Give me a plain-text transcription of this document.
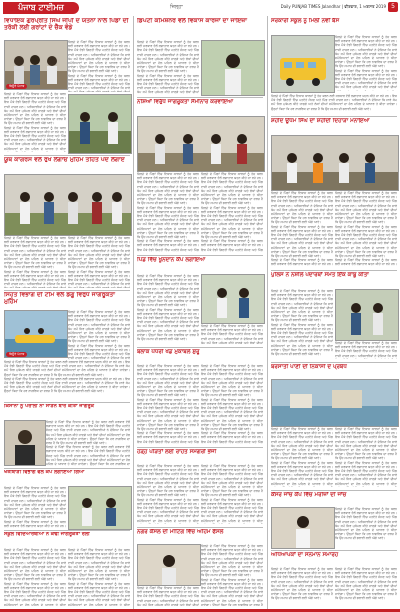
ਪੰਜਾਬ ਟਾਈਮਜ਼	ਜ਼ਿਲ੍ਹਾ	Daily PUNJAB TIMES Jalandhar | ਵੀਰਵਾਰ, 1 ਅਗਸਤ 2019 5
ਵਿਧਾਇਕ ਗੁਰਪ੍ਰੀਤ ਸਿੰਘ ਜੀਪੀ ਦੇ ਯਤਨਾਂ ਨਾਲ ਪਿੰਡਾਂ ਦੀ ਤਰੱਕੀ ਲਈ ਗਰਾਂਟਾਂ ਦੇ ਚੈੱਕ ਵੰਡੇ
ਬਿਊਰੋ ਪੰਜਾਬ
ਜ਼ਿਲ੍ਹੇ ਦੇ ਪਿੰਡਾਂ ਵਿੱਚ ਵਿਕਾਸ ਕਾਰਜਾਂ ਨੂੰ ਤੇਜ਼ ਕਰਨ ਲਈ ਸਰਕਾਰ ਵੱਲੋਂ ਲਗਾਤਾਰ ਯਤਨ ਕੀਤੇ ਜਾ ਰਹੇ ਹਨ। ਇਸ ਮੌਕੇ ਵੱਡੀ ਗਿਣਤੀ ਵਿੱਚ ਪਤਵੰਤੇ ਸੱਜਣ ਅਤੇ ਪਿੰਡ ਵਾਸੀ ਹਾਜ਼ਰ ਸਨ। ਅਧਿਕਾਰੀਆਂ ਨੇ ਦੱਸਿਆ ਕਿ ਸਾਰੇ ਕੰਮ ਸਮੇਂ ਸਿਰ ਮੁਕੰਮਲ ਕੀਤੇ ਜਾਣਗੇ ਅਤੇ ਲੋਕਾਂ ਦੀਆਂ ਸਮੱਸਿਆਵਾਂ ਦਾ ਹੱਲ ਪਹਿਲ ਦੇ ਆਧਾਰ ਤੇ ਕੀਤਾ ਜਾਵੇਗਾ। ਉਨ੍ਹਾਂ ਕਿਹਾ ਕਿ ਹਰ ਨਾਗਰਿਕ ਦਾ ਫਰਜ਼ ਹੈ ਕਿ ਉਹ ਸਮਾਜ ਦੀ ਭਲਾਈ ਲਈ ਅੱਗੇ ਆਵੇ।
ਜ਼ਿਲ੍ਹੇ ਦੇ ਪਿੰਡਾਂ ਵਿੱਚ ਵਿਕਾਸ ਕਾਰਜਾਂ ਨੂੰ ਤੇਜ਼ ਕਰਨ ਲਈ ਸਰਕਾਰ ਵੱਲੋਂ ਲਗਾਤਾਰ ਯਤਨ ਕੀਤੇ ਜਾ ਰਹੇ ਹਨ। ਇਸ ਮੌਕੇ ਵੱਡੀ ਗਿਣਤੀ ਵਿੱਚ ਪਤਵੰਤੇ ਸੱਜਣ ਅਤੇ ਪਿੰਡ ਵਾਸੀ ਹਾਜ਼ਰ ਸਨ। ਅਧਿਕਾਰੀਆਂ ਨੇ ਦੱਸਿਆ ਕਿ ਸਾਰੇ
ਜ਼ਿਲ੍ਹੇ ਦੇ ਪਿੰਡਾਂ ਵਿੱਚ ਵਿਕਾਸ ਕਾਰਜਾਂ ਨੂੰ ਤੇਜ਼ ਕਰਨ ਲਈ ਸਰਕਾਰ ਵੱਲੋਂ ਲਗਾਤਾਰ ਯਤਨ ਕੀਤੇ ਜਾ ਰਹੇ ਹਨ। ਇਸ ਮੌਕੇ ਵੱਡੀ ਗਿਣਤੀ ਵਿੱਚ ਪਤਵੰਤੇ ਸੱਜਣ ਅਤੇ ਪਿੰਡ ਵਾਸੀ ਹਾਜ਼ਰ ਸਨ। ਅਧਿਕਾਰੀਆਂ ਨੇ ਦੱਸਿਆ ਕਿ ਸਾਰੇ ਕੰਮ ਸਮੇਂ ਸਿਰ ਮੁਕੰਮਲ ਕੀਤੇ ਜਾਣਗੇ ਅਤੇ ਲੋਕਾਂ ਦੀਆਂ ਸਮੱਸਿਆਵਾਂ ਦਾ ਹੱਲ ਪਹਿਲ ਦੇ ਆਧਾਰ ਤੇ ਕੀਤਾ ਜਾਵੇਗਾ। ਉਨ੍ਹਾਂ ਕਿਹਾ ਕਿ ਹਰ ਨਾਗਰਿਕ ਦਾ ਫਰਜ਼ ਹੈ ਕਿ ਉਹ ਸਮਾਜ ਦੀ ਭਲਾਈ ਲਈ ਅੱਗੇ ਆਵੇ।
ਜ਼ਿਲ੍ਹੇ ਦੇ ਪਿੰਡਾਂ ਵਿੱਚ ਵਿਕਾਸ ਕਾਰਜਾਂ ਨੂੰ ਤੇਜ਼ ਕਰਨ ਲਈ ਸਰਕਾਰ ਵੱਲੋਂ ਲਗਾਤਾਰ ਯਤਨ ਕੀਤੇ ਜਾ ਰਹੇ ਹਨ। ਇਸ ਮੌਕੇ ਵੱਡੀ ਗਿਣਤੀ ਵਿੱਚ ਪਤਵੰਤੇ ਸੱਜਣ ਅਤੇ ਪਿੰਡ ਵਾਸੀ ਹਾਜ਼ਰ ਸਨ। ਅਧਿਕਾਰੀਆਂ ਨੇ ਦੱਸਿਆ ਕਿ ਸਾਰੇ ਕੰਮ ਸਮੇਂ ਸਿਰ ਮੁਕੰਮਲ ਕੀਤੇ ਜਾਣਗੇ ਅਤੇ ਲੋਕਾਂ ਦੀਆਂ ਸਮੱਸਿਆਵਾਂ ਦਾ ਹੱਲ ਪਹਿਲ ਦੇ ਆਧਾਰ ਤੇ ਕੀਤਾ
ਯੂਥ ਕਾਂਗਰਸ ਵੱਲੋਂ ਰੁੱਖ ਲਗਾਓ ਮੁਹਿੰਮ ਤਹਿਤ ਪੌਦੇ ਲਗਾਏ
ਜ਼ਿਲ੍ਹੇ ਦੇ ਪਿੰਡਾਂ ਵਿੱਚ ਵਿਕਾਸ ਕਾਰਜਾਂ ਨੂੰ ਤੇਜ਼ ਕਰਨ ਲਈ ਸਰਕਾਰ ਵੱਲੋਂ ਲਗਾਤਾਰ ਯਤਨ ਕੀਤੇ ਜਾ ਰਹੇ ਹਨ। ਇਸ ਮੌਕੇ ਵੱਡੀ ਗਿਣਤੀ ਵਿੱਚ ਪਤਵੰਤੇ ਸੱਜਣ ਅਤੇ ਪਿੰਡ ਵਾਸੀ ਹਾਜ਼ਰ ਸਨ। ਅਧਿਕਾਰੀਆਂ ਨੇ ਦੱਸਿਆ ਕਿ ਸਾਰੇ ਕੰਮ ਸਮੇਂ ਸਿਰ ਮੁਕੰਮਲ ਕੀਤੇ ਜਾਣਗੇ ਅਤੇ ਲੋਕਾਂ ਦੀਆਂ ਸਮੱਸਿਆਵਾਂ ਦਾ ਹੱਲ ਪਹਿਲ ਦੇ ਆਧਾਰ ਤੇ ਕੀਤਾ ਜਾਵੇਗਾ। ਉਨ੍ਹਾਂ ਕਿਹਾ ਕਿ ਹਰ ਨਾਗਰਿਕ ਦਾ ਫਰਜ਼ ਹੈ ਕਿ ਉਹ ਸਮਾਜ ਦੀ ਭਲਾਈ ਲਈ ਅੱਗੇ ਆਵੇ।
ਜ਼ਿਲ੍ਹੇ ਦੇ ਪਿੰਡਾਂ ਵਿੱਚ ਵਿਕਾਸ ਕਾਰਜਾਂ ਨੂੰ ਤੇਜ਼ ਕਰਨ ਲਈ ਸਰਕਾਰ ਵੱਲੋਂ ਲਗਾਤਾਰ ਯਤਨ ਕੀਤੇ ਜਾ ਰਹੇ ਹਨ। ਇਸ ਮੌਕੇ ਵੱਡੀ ਗਿਣਤੀ ਵਿੱਚ ਪਤਵੰਤੇ ਸੱਜਣ ਅਤੇ ਪਿੰਡ ਵਾਸੀ ਹਾਜ਼ਰ ਸਨ। ਅਧਿਕਾਰੀਆਂ ਨੇ ਦੱਸਿਆ ਕਿ ਸਾਰੇ
ਜ਼ਿਲ੍ਹੇ ਦੇ ਪਿੰਡਾਂ ਵਿੱਚ ਵਿਕਾਸ ਕਾਰਜਾਂ ਨੂੰ ਤੇਜ਼ ਕਰਨ ਲਈ ਸਰਕਾਰ ਵੱਲੋਂ ਲਗਾਤਾਰ ਯਤਨ ਕੀਤੇ ਜਾ ਰਹੇ ਹਨ। ਇਸ ਮੌਕੇ ਵੱਡੀ ਗਿਣਤੀ ਵਿੱਚ ਪਤਵੰਤੇ ਸੱਜਣ ਅਤੇ ਪਿੰਡ ਵਾਸੀ ਹਾਜ਼ਰ ਸਨ। ਅਧਿਕਾਰੀਆਂ ਨੇ ਦੱਸਿਆ ਕਿ ਸਾਰੇ ਕੰਮ ਸਮੇਂ ਸਿਰ ਮੁਕੰਮਲ ਕੀਤੇ ਜਾਣਗੇ ਅਤੇ ਲੋਕਾਂ ਦੀਆਂ ਸਮੱਸਿਆਵਾਂ ਦਾ ਹੱਲ ਪਹਿਲ ਦੇ ਆਧਾਰ ਤੇ ਕੀਤਾ ਜਾਵੇਗਾ। ਉਨ੍ਹਾਂ ਕਿਹਾ ਕਿ ਹਰ ਨਾਗਰਿਕ ਦਾ ਫਰਜ਼ ਹੈ ਕਿ ਉਹ ਸਮਾਜ ਦੀ ਭਲਾਈ ਲਈ ਅੱਗੇ ਆਵੇ।
ਜ਼ਿਲ੍ਹੇ ਦੇ ਪਿੰਡਾਂ ਵਿੱਚ ਵਿਕਾਸ ਕਾਰਜਾਂ ਨੂੰ ਤੇਜ਼ ਕਰਨ ਲਈ ਸਰਕਾਰ ਵੱਲੋਂ ਲਗਾਤਾਰ ਯਤਨ ਕੀਤੇ ਜਾ ਰਹੇ ਹਨ। ਇਸ ਮੌਕੇ ਵੱਡੀ ਗਿਣਤੀ ਵਿੱਚ ਪਤਵੰਤੇ ਸੱਜਣ ਅਤੇ ਪਿੰਡ ਵਾਸੀ ਹਾਜ਼ਰ ਸਨ। ਅਧਿਕਾਰੀਆਂ ਨੇ ਦੱਸਿਆ ਕਿ ਸਾਰੇ
ਸਿਹਤ ਵਿਭਾਗ ਦੀ ਟੀਮ ਵੱਲੋਂ ਡੇਂਗੂ ਵਿਰੁੱਧ ਜਾਗਰੂਕਤਾ ਮੁਹਿੰਮ
ਬਿਊਰੋ ਪੰਜਾਬ
ਜ਼ਿਲ੍ਹੇ ਦੇ ਪਿੰਡਾਂ ਵਿੱਚ ਵਿਕਾਸ ਕਾਰਜਾਂ ਨੂੰ ਤੇਜ਼ ਕਰਨ ਲਈ ਸਰਕਾਰ ਵੱਲੋਂ ਲਗਾਤਾਰ ਯਤਨ ਕੀਤੇ ਜਾ ਰਹੇ ਹਨ। ਇਸ ਮੌਕੇ ਵੱਡੀ ਗਿਣਤੀ ਵਿੱਚ ਪਤਵੰਤੇ ਸੱਜਣ ਅਤੇ ਪਿੰਡ ਵਾਸੀ ਹਾਜ਼ਰ ਸਨ। ਅਧਿਕਾਰੀਆਂ ਨੇ ਦੱਸਿਆ ਕਿ ਸਾਰੇ ਕੰਮ ਸਮੇਂ ਸਿਰ ਮੁਕੰਮਲ ਕੀਤੇ ਜਾਣਗੇ ਅਤੇ ਲੋਕਾਂ ਦੀਆਂ ਸਮੱਸਿਆਵਾਂ ਦਾ ਹੱਲ ਪਹਿਲ ਦੇ ਆਧਾਰ ਤੇ ਕੀਤਾ ਜਾਵੇਗਾ। ਉਨ੍ਹਾਂ ਕਿਹਾ ਕਿ ਹਰ ਨਾਗਰਿਕ ਦਾ ਫਰਜ਼ ਹੈ ਕਿ ਉਹ ਸਮਾਜ ਦੀ ਭਲਾਈ ਲਈ ਅੱਗੇ ਆਵੇ।
ਜ਼ਿਲ੍ਹੇ ਦੇ ਪਿੰਡਾਂ ਵਿੱਚ ਵਿਕਾਸ ਕਾਰਜਾਂ ਨੂੰ ਤੇਜ਼ ਕਰਨ ਲਈ ਸਰਕਾਰ ਵੱਲੋਂ ਲਗਾਤਾਰ ਯਤਨ ਕੀਤੇ ਜਾ ਰਹੇ ਹਨ। ਇਸ ਮੌਕੇ ਵੱਡੀ ਗਿਣਤੀ ਵਿੱਚ ਪਤਵੰਤੇ ਸੱਜਣ ਅਤੇ ਪਿੰਡ ਵਾਸੀ ਹਾਜ਼ਰ ਸਨ। ਅਧਿਕਾਰੀਆਂ ਨੇ ਦੱਸਿਆ ਕਿ ਸਾਰੇ
ਜ਼ਿਲ੍ਹੇ ਦੇ ਪਿੰਡਾਂ ਵਿੱਚ ਵਿਕਾਸ ਕਾਰਜਾਂ ਨੂੰ ਤੇਜ਼ ਕਰਨ ਲਈ ਸਰਕਾਰ ਵੱਲੋਂ ਲਗਾਤਾਰ ਯਤਨ ਕੀਤੇ ਜਾ ਰਹੇ ਹਨ। ਇਸ ਮੌਕੇ ਵੱਡੀ ਗਿਣਤੀ ਵਿੱਚ ਪਤਵੰਤੇ ਸੱਜਣ ਅਤੇ ਪਿੰਡ ਵਾਸੀ ਹਾਜ਼ਰ ਸਨ। ਅਧਿਕਾਰੀਆਂ ਨੇ ਦੱਸਿਆ ਕਿ ਸਾਰੇ ਕੰਮ ਸਮੇਂ ਸਿਰ ਮੁਕੰਮਲ ਕੀਤੇ ਜਾਣਗੇ ਅਤੇ ਲੋਕਾਂ ਦੀਆਂ ਸਮੱਸਿਆਵਾਂ ਦਾ ਹੱਲ ਪਹਿਲ ਦੇ ਆਧਾਰ ਤੇ ਕੀਤਾ ਜਾਵੇਗਾ। ਉਨ੍ਹਾਂ ਕਿਹਾ ਕਿ ਹਰ ਨਾਗਰਿਕ ਦਾ ਫਰਜ਼ ਹੈ ਕਿ ਉਹ ਸਮਾਜ ਦੀ ਭਲਾਈ ਲਈ ਅੱਗੇ ਆਵੇ।
ਜ਼ਿਲ੍ਹੇ ਦੇ ਪਿੰਡਾਂ ਵਿੱਚ ਵਿਕਾਸ ਕਾਰਜਾਂ ਨੂੰ ਤੇਜ਼ ਕਰਨ ਲਈ ਸਰਕਾਰ ਵੱਲੋਂ ਲਗਾਤਾਰ ਯਤਨ ਕੀਤੇ ਜਾ ਰਹੇ ਹਨ। ਇਸ ਮੌਕੇ ਵੱਡੀ ਗਿਣਤੀ ਵਿੱਚ ਪਤਵੰਤੇ ਸੱਜਣ ਅਤੇ ਪਿੰਡ ਵਾਸੀ ਹਾਜ਼ਰ ਸਨ। ਅਧਿਕਾਰੀਆਂ ਨੇ ਦੱਸਿਆ ਕਿ ਸਾਰੇ ਕੰਮ ਸਮੇਂ ਸਿਰ ਮੁਕੰਮਲ ਕੀਤੇ ਜਾਣਗੇ ਅਤੇ ਲੋਕਾਂ ਦੀਆਂ ਸਮੱਸਿਆਵਾਂ ਦਾ ਹੱਲ ਪਹਿਲ ਦੇ ਆਧਾਰ ਤੇ ਕੀਤਾ ਜਾਵੇਗਾ। ਉਨ੍ਹਾਂ ਕਿਹਾ ਕਿ ਹਰ ਨਾਗਰਿਕ ਦਾ ਫਰਜ਼ ਹੈ ਕਿ ਉਹ ਸਮਾਜ ਦੀ ਭਲਾਈ ਲਈ ਅੱਗੇ ਆਵੇ।
ਕਿਸਾਨਾਂ ਨੂੰ ਪਰਾਲੀ ਨਾ ਸਾੜਨ ਬਾਰੇ ਕੀਤਾ ਜਾਗਰੂਕ
ਜ਼ਿਲ੍ਹੇ ਦੇ ਪਿੰਡਾਂ ਵਿੱਚ ਵਿਕਾਸ ਕਾਰਜਾਂ ਨੂੰ ਤੇਜ਼ ਕਰਨ ਲਈ ਸਰਕਾਰ ਵੱਲੋਂ ਲਗਾਤਾਰ ਯਤਨ ਕੀਤੇ ਜਾ ਰਹੇ ਹਨ। ਇਸ ਮੌਕੇ ਵੱਡੀ ਗਿਣਤੀ ਵਿੱਚ ਪਤਵੰਤੇ ਸੱਜਣ ਅਤੇ ਪਿੰਡ ਵਾਸੀ ਹਾਜ਼ਰ ਸਨ। ਅਧਿਕਾਰੀਆਂ ਨੇ ਦੱਸਿਆ ਕਿ ਸਾਰੇ ਕੰਮ ਸਮੇਂ ਸਿਰ ਮੁਕੰਮਲ ਕੀਤੇ ਜਾਣਗੇ ਅਤੇ ਲੋਕਾਂ ਦੀਆਂ ਸਮੱਸਿਆਵਾਂ ਦਾ ਹੱਲ ਪਹਿਲ ਦੇ ਆਧਾਰ ਤੇ ਕੀਤਾ ਜਾਵੇਗਾ। ਉਨ੍ਹਾਂ ਕਿਹਾ ਕਿ ਹਰ ਨਾਗਰਿਕ ਦਾ ਫਰਜ਼ ਹੈ ਕਿ ਉਹ ਸਮਾਜ ਦੀ ਭਲਾਈ ਲਈ ਅੱਗੇ ਆਵੇ।
ਜ਼ਿਲ੍ਹੇ ਦੇ ਪਿੰਡਾਂ ਵਿੱਚ ਵਿਕਾਸ ਕਾਰਜਾਂ ਨੂੰ ਤੇਜ਼ ਕਰਨ ਲਈ ਸਰਕਾਰ ਵੱਲੋਂ ਲਗਾਤਾਰ ਯਤਨ ਕੀਤੇ ਜਾ ਰਹੇ ਹਨ। ਇਸ ਮੌਕੇ ਵੱਡੀ ਗਿਣਤੀ ਵਿੱਚ ਪਤਵੰਤੇ ਸੱਜਣ ਅਤੇ ਪਿੰਡ ਵਾਸੀ ਹਾਜ਼ਰ ਸਨ। ਅਧਿਕਾਰੀਆਂ ਨੇ ਦੱਸਿਆ ਕਿ ਸਾਰੇ ਕੰਮ ਸਮੇਂ ਸਿਰ ਮੁਕੰਮਲ ਕੀਤੇ ਜਾਣਗੇ ਅਤੇ ਲੋਕਾਂ ਦੀਆਂ ਸਮੱਸਿਆਵਾਂ ਦਾ ਹੱਲ ਪਹਿਲ ਦੇ ਆਧਾਰ ਤੇ ਕੀਤਾ ਜਾਵੇਗਾ। ਉਨ੍ਹਾਂ ਕਿਹਾ ਕਿ ਹਰ ਨਾਗਰਿਕ ਦਾ
ਖੇਤੀਬਾੜੀ ਵਿਭਾਗ ਵੱਲੋਂ ਕੈਂਪ ਲਗਾਇਆ ਗਿਆ
ਜ਼ਿਲ੍ਹੇ ਦੇ ਪਿੰਡਾਂ ਵਿੱਚ ਵਿਕਾਸ ਕਾਰਜਾਂ ਨੂੰ ਤੇਜ਼ ਕਰਨ ਲਈ ਸਰਕਾਰ ਵੱਲੋਂ ਲਗਾਤਾਰ ਯਤਨ ਕੀਤੇ ਜਾ ਰਹੇ ਹਨ। ਇਸ ਮੌਕੇ ਵੱਡੀ ਗਿਣਤੀ ਵਿੱਚ ਪਤਵੰਤੇ ਸੱਜਣ ਅਤੇ ਪਿੰਡ ਵਾਸੀ ਹਾਜ਼ਰ ਸਨ। ਅਧਿਕਾਰੀਆਂ ਨੇ ਦੱਸਿਆ ਕਿ ਸਾਰੇ ਕੰਮ ਸਮੇਂ ਸਿਰ ਮੁਕੰਮਲ ਕੀਤੇ ਜਾਣਗੇ ਅਤੇ ਲੋਕਾਂ ਦੀਆਂ ਸਮੱਸਿਆਵਾਂ ਦਾ ਹੱਲ ਪਹਿਲ ਦੇ ਆਧਾਰ ਤੇ ਕੀਤਾ ਜਾਵੇਗਾ। ਉਨ੍ਹਾਂ ਕਿਹਾ ਕਿ ਹਰ ਨਾਗਰਿਕ ਦਾ ਫਰਜ਼ ਹੈ ਕਿ ਉਹ ਸਮਾਜ ਦੀ ਭਲਾਈ ਲਈ ਅੱਗੇ ਆਵੇ।
ਜ਼ਿਲ੍ਹੇ ਦੇ ਪਿੰਡਾਂ ਵਿੱਚ ਵਿਕਾਸ ਕਾਰਜਾਂ ਨੂੰ ਤੇਜ਼ ਕਰਨ ਲਈ ਸਰਕਾਰ ਵੱਲੋਂ ਲਗਾਤਾਰ ਯਤਨ ਕੀਤੇ ਜਾ ਰਹੇ ਹਨ।
ਸਕੂਲ ਵਿਦਿਆਰਥੀਆਂ ਨੇ ਕੱਢੀ ਜਾਗਰੂਕਤਾ ਰੈਲੀ
ਜ਼ਿਲ੍ਹੇ ਦੇ ਪਿੰਡਾਂ ਵਿੱਚ ਵਿਕਾਸ ਕਾਰਜਾਂ ਨੂੰ ਤੇਜ਼ ਕਰਨ ਲਈ ਸਰਕਾਰ ਵੱਲੋਂ ਲਗਾਤਾਰ ਯਤਨ ਕੀਤੇ ਜਾ ਰਹੇ ਹਨ। ਇਸ ਮੌਕੇ ਵੱਡੀ ਗਿਣਤੀ ਵਿੱਚ ਪਤਵੰਤੇ ਸੱਜਣ ਅਤੇ ਪਿੰਡ ਵਾਸੀ ਹਾਜ਼ਰ ਸਨ। ਅਧਿਕਾਰੀਆਂ ਨੇ ਦੱਸਿਆ ਕਿ ਸਾਰੇ ਕੰਮ ਸਮੇਂ ਸਿਰ ਮੁਕੰਮਲ ਕੀਤੇ ਜਾਣਗੇ ਅਤੇ ਲੋਕਾਂ ਦੀਆਂ ਸਮੱਸਿਆਵਾਂ ਦਾ ਹੱਲ ਪਹਿਲ ਦੇ ਆਧਾਰ ਤੇ ਕੀਤਾ ਜਾਵੇਗਾ। ਉਨ੍ਹਾਂ ਕਿਹਾ ਕਿ ਹਰ ਨਾਗਰਿਕ ਦਾ ਫਰਜ਼ ਹੈ ਕਿ ਉਹ ਸਮਾਜ ਦੀ ਭਲਾਈ ਲਈ ਅੱਗੇ ਆਵੇ।
ਜ਼ਿਲ੍ਹੇ ਦੇ ਪਿੰਡਾਂ ਵਿੱਚ ਵਿਕਾਸ ਕਾਰਜਾਂ ਨੂੰ ਤੇਜ਼ ਕਰਨ ਲਈ ਸਰਕਾਰ ਵੱਲੋਂ ਲਗਾਤਾਰ ਯਤਨ ਕੀਤੇ ਜਾ ਰਹੇ ਹਨ। ਇਸ ਮੌਕੇ ਵੱਡੀ ਗਿਣਤੀ ਵਿੱਚ ਪਤਵੰਤੇ ਸੱਜਣ ਅਤੇ ਪਿੰਡ ਵਾਸੀ ਹਾਜ਼ਰ ਸਨ। ਅਧਿਕਾਰੀਆਂ ਨੇ ਦੱਸਿਆ ਕਿ ਸਾਰੇ ਕੰਮ ਸਮੇਂ ਸਿਰ ਮੁਕੰਮਲ ਕੀਤੇ ਜਾਣਗੇ ਅਤੇ ਲੋਕਾਂ ਦੀਆਂ ਸਮੱਸਿਆਵਾਂ ਦਾ ਹੱਲ ਪਹਿਲ ਦੇ ਆਧਾਰ ਤੇ ਕੀਤਾ
ਜ਼ਿਲ੍ਹੇ ਦੇ ਪਿੰਡਾਂ ਵਿੱਚ ਵਿਕਾਸ ਕਾਰਜਾਂ ਨੂੰ ਤੇਜ਼ ਕਰਨ ਲਈ ਸਰਕਾਰ ਵੱਲੋਂ ਲਗਾਤਾਰ ਯਤਨ ਕੀਤੇ ਜਾ ਰਹੇ ਹਨ। ਇਸ ਮੌਕੇ ਵੱਡੀ ਗਿਣਤੀ ਵਿੱਚ ਪਤਵੰਤੇ ਸੱਜਣ ਅਤੇ ਪਿੰਡ ਵਾਸੀ ਹਾਜ਼ਰ ਸਨ। ਅਧਿਕਾਰੀਆਂ ਨੇ ਦੱਸਿਆ ਕਿ ਸਾਰੇ ਕੰਮ ਸਮੇਂ ਸਿਰ ਮੁਕੰਮਲ ਕੀਤੇ ਜਾਣਗੇ ਅਤੇ ਲੋਕਾਂ ਦੀਆਂ ਸਮੱਸਿਆਵਾਂ ਦਾ ਹੱਲ ਪਹਿਲ ਦੇ ਆਧਾਰ ਤੇ ਕੀਤਾ ਜਾਵੇਗਾ। ਉਨ੍ਹਾਂ ਕਿਹਾ ਕਿ ਹਰ ਨਾਗਰਿਕ ਦਾ ਫਰਜ਼ ਹੈ ਕਿ ਉਹ ਸਮਾਜ ਦੀ ਭਲਾਈ ਲਈ ਅੱਗੇ ਆਵੇ।
ਜ਼ਿਲ੍ਹੇ ਦੇ ਪਿੰਡਾਂ ਵਿੱਚ ਵਿਕਾਸ ਕਾਰਜਾਂ ਨੂੰ ਤੇਜ਼ ਕਰਨ ਲਈ ਸਰਕਾਰ ਵੱਲੋਂ ਲਗਾਤਾਰ ਯਤਨ ਕੀਤੇ ਜਾ ਰਹੇ ਹਨ। ਇਸ ਮੌਕੇ ਵੱਡੀ ਗਿਣਤੀ ਵਿੱਚ ਪਤਵੰਤੇ ਸੱਜਣ ਅਤੇ ਪਿੰਡ ਵਾਸੀ ਹਾਜ਼ਰ ਸਨ। ਅਧਿਕਾਰੀਆਂ ਨੇ ਦੱਸਿਆ ਕਿ ਸਾਰੇ ਕੰਮ ਸਮੇਂ ਸਿਰ ਮੁਕੰਮਲ ਕੀਤੇ ਜਾਣਗੇ ਅਤੇ ਲੋਕਾਂ ਦੀਆਂ ਸਮੱਸਿਆਵਾਂ ਦਾ ਹੱਲ ਪਹਿਲ ਦੇ ਆਧਾਰ ਤੇ ਕੀਤਾ
ਡਿਪਟੀ ਕਮਿਸ਼ਨਰ ਵੱਲੋਂ ਵਿਕਾਸ ਕਾਰਜਾਂ ਦਾ ਜਾਇਜ਼ਾ
ਜ਼ਿਲ੍ਹੇ ਦੇ ਪਿੰਡਾਂ ਵਿੱਚ ਵਿਕਾਸ ਕਾਰਜਾਂ ਨੂੰ ਤੇਜ਼ ਕਰਨ ਲਈ ਸਰਕਾਰ ਵੱਲੋਂ ਲਗਾਤਾਰ ਯਤਨ ਕੀਤੇ ਜਾ ਰਹੇ ਹਨ। ਇਸ ਮੌਕੇ ਵੱਡੀ ਗਿਣਤੀ ਵਿੱਚ ਪਤਵੰਤੇ ਸੱਜਣ ਅਤੇ ਪਿੰਡ ਵਾਸੀ ਹਾਜ਼ਰ ਸਨ। ਅਧਿਕਾਰੀਆਂ ਨੇ ਦੱਸਿਆ ਕਿ ਸਾਰੇ ਕੰਮ ਸਮੇਂ ਸਿਰ ਮੁਕੰਮਲ ਕੀਤੇ ਜਾਣਗੇ ਅਤੇ ਲੋਕਾਂ ਦੀਆਂ ਸਮੱਸਿਆਵਾਂ ਦਾ ਹੱਲ ਪਹਿਲ ਦੇ ਆਧਾਰ ਤੇ ਕੀਤਾ ਜਾਵੇਗਾ। ਉਨ੍ਹਾਂ ਕਿਹਾ ਕਿ ਹਰ ਨਾਗਰਿਕ ਦਾ ਫਰਜ਼ ਹੈ ਕਿ ਉਹ ਸਮਾਜ ਦੀ ਭਲਾਈ ਲਈ ਅੱਗੇ ਆਵੇ।
ਜ਼ਿਲ੍ਹੇ ਦੇ ਪਿੰਡਾਂ ਵਿੱਚ ਵਿਕਾਸ ਕਾਰਜਾਂ ਨੂੰ ਤੇਜ਼ ਕਰਨ ਲਈ ਸਰਕਾਰ ਵੱਲੋਂ ਲਗਾਤਾਰ ਯਤਨ ਕੀਤੇ ਜਾ ਰਹੇ ਹਨ। ਇਸ ਮੌਕੇ ਵੱਡੀ ਗਿਣਤੀ ਵਿੱਚ ਪਤਵੰਤੇ ਸੱਜਣ ਅਤੇ ਪਿੰਡ ਵਾਸੀ ਹਾਜ਼ਰ ਸਨ। ਅਧਿਕਾਰੀਆਂ ਨੇ ਦੱਸਿਆ ਕਿ ਸਾਰੇ ਕੰਮ ਸਮੇਂ ਸਿਰ ਮੁਕੰਮਲ ਕੀਤੇ ਜਾਣਗੇ ਅਤੇ ਲੋਕਾਂ ਦੀਆਂ
ਨਸ਼ਿਆਂ ਵਿਰੁੱਧ ਜਾਗਰੂਕਤਾ ਸੈਮੀਨਾਰ ਕਰਵਾਇਆ
ਜ਼ਿਲ੍ਹੇ ਦੇ ਪਿੰਡਾਂ ਵਿੱਚ ਵਿਕਾਸ ਕਾਰਜਾਂ ਨੂੰ ਤੇਜ਼ ਕਰਨ ਲਈ ਸਰਕਾਰ ਵੱਲੋਂ ਲਗਾਤਾਰ ਯਤਨ ਕੀਤੇ ਜਾ ਰਹੇ ਹਨ। ਇਸ ਮੌਕੇ ਵੱਡੀ ਗਿਣਤੀ ਵਿੱਚ ਪਤਵੰਤੇ ਸੱਜਣ ਅਤੇ ਪਿੰਡ ਵਾਸੀ ਹਾਜ਼ਰ ਸਨ। ਅਧਿਕਾਰੀਆਂ ਨੇ ਦੱਸਿਆ ਕਿ ਸਾਰੇ ਕੰਮ ਸਮੇਂ ਸਿਰ ਮੁਕੰਮਲ ਕੀਤੇ ਜਾਣਗੇ ਅਤੇ ਲੋਕਾਂ ਦੀਆਂ ਸਮੱਸਿਆਵਾਂ ਦਾ ਹੱਲ ਪਹਿਲ ਦੇ ਆਧਾਰ ਤੇ ਕੀਤਾ ਜਾਵੇਗਾ। ਉਨ੍ਹਾਂ ਕਿਹਾ ਕਿ ਹਰ ਨਾਗਰਿਕ ਦਾ ਫਰਜ਼ ਹੈ ਕਿ ਉਹ ਸਮਾਜ ਦੀ ਭਲਾਈ ਲਈ ਅੱਗੇ ਆਵੇ।
ਜ਼ਿਲ੍ਹੇ ਦੇ ਪਿੰਡਾਂ ਵਿੱਚ ਵਿਕਾਸ ਕਾਰਜਾਂ ਨੂੰ ਤੇਜ਼ ਕਰਨ ਲਈ ਸਰਕਾਰ ਵੱਲੋਂ ਲਗਾਤਾਰ ਯਤਨ ਕੀਤੇ ਜਾ ਰਹੇ ਹਨ। ਇਸ ਮੌਕੇ ਵੱਡੀ ਗਿਣਤੀ ਵਿੱਚ ਪਤਵੰਤੇ ਸੱਜਣ ਅਤੇ ਪਿੰਡ ਵਾਸੀ ਹਾਜ਼ਰ ਸਨ। ਅਧਿਕਾਰੀਆਂ ਨੇ ਦੱਸਿਆ ਕਿ ਸਾਰੇ ਕੰਮ ਸਮੇਂ ਸਿਰ ਮੁਕੰਮਲ ਕੀਤੇ ਜਾਣਗੇ ਅਤੇ ਲੋਕਾਂ ਦੀਆਂ ਸਮੱਸਿਆਵਾਂ ਦਾ ਹੱਲ ਪਹਿਲ ਦੇ ਆਧਾਰ ਤੇ ਕੀਤਾ ਜਾਵੇਗਾ। ਉਨ੍ਹਾਂ ਕਿਹਾ ਕਿ ਹਰ ਨਾਗਰਿਕ ਦਾ ਫਰਜ਼ ਹੈ ਕਿ ਉਹ ਸਮਾਜ ਦੀ ਭਲਾਈ ਲਈ ਅੱਗੇ ਆਵੇ।
ਜ਼ਿਲ੍ਹੇ ਦੇ ਪਿੰਡਾਂ ਵਿੱਚ ਵਿਕਾਸ ਕਾਰਜਾਂ ਨੂੰ ਤੇਜ਼ ਕਰਨ ਲਈ ਸਰਕਾਰ ਵੱਲੋਂ ਲਗਾਤਾਰ ਯਤਨ ਕੀਤੇ ਜਾ ਰਹੇ ਹਨ। ਇਸ ਮੌਕੇ ਵੱਡੀ ਗਿਣਤੀ ਵਿੱਚ ਪਤਵੰਤੇ ਸੱਜਣ ਅਤੇ ਪਿੰਡ
ਜ਼ਿਲ੍ਹੇ ਦੇ ਪਿੰਡਾਂ ਵਿੱਚ ਵਿਕਾਸ ਕਾਰਜਾਂ ਨੂੰ ਤੇਜ਼ ਕਰਨ ਲਈ ਸਰਕਾਰ ਵੱਲੋਂ ਲਗਾਤਾਰ ਯਤਨ ਕੀਤੇ ਜਾ ਰਹੇ ਹਨ। ਇਸ ਮੌਕੇ ਵੱਡੀ ਗਿਣਤੀ ਵਿੱਚ ਪਤਵੰਤੇ ਸੱਜਣ ਅਤੇ ਪਿੰਡ ਵਾਸੀ ਹਾਜ਼ਰ ਸਨ। ਅਧਿਕਾਰੀਆਂ ਨੇ ਦੱਸਿਆ ਕਿ ਸਾਰੇ ਕੰਮ ਸਮੇਂ ਸਿਰ ਮੁਕੰਮਲ ਕੀਤੇ ਜਾਣਗੇ ਅਤੇ ਲੋਕਾਂ ਦੀਆਂ ਸਮੱਸਿਆਵਾਂ ਦਾ ਹੱਲ ਪਹਿਲ ਦੇ ਆਧਾਰ ਤੇ ਕੀਤਾ ਜਾਵੇਗਾ। ਉਨ੍ਹਾਂ ਕਿਹਾ ਕਿ ਹਰ ਨਾਗਰਿਕ ਦਾ ਫਰਜ਼ ਹੈ ਕਿ ਉਹ ਸਮਾਜ ਦੀ ਭਲਾਈ ਲਈ ਅੱਗੇ ਆਵੇ।
ਜ਼ਿਲ੍ਹੇ ਦੇ ਪਿੰਡਾਂ ਵਿੱਚ ਵਿਕਾਸ ਕਾਰਜਾਂ ਨੂੰ ਤੇਜ਼ ਕਰਨ ਲਈ ਸਰਕਾਰ ਵੱਲੋਂ ਲਗਾਤਾਰ ਯਤਨ ਕੀਤੇ ਜਾ ਰਹੇ ਹਨ। ਇਸ ਮੌਕੇ ਵੱਡੀ ਗਿਣਤੀ ਵਿੱਚ ਪਤਵੰਤੇ ਸੱਜਣ ਅਤੇ ਪਿੰਡ ਵਾਸੀ ਹਾਜ਼ਰ ਸਨ। ਅਧਿਕਾਰੀਆਂ ਨੇ ਦੱਸਿਆ ਕਿ ਸਾਰੇ ਕੰਮ ਸਮੇਂ ਸਿਰ ਮੁਕੰਮਲ ਕੀਤੇ ਜਾਣਗੇ ਅਤੇ ਲੋਕਾਂ ਦੀਆਂ ਸਮੱਸਿਆਵਾਂ ਦਾ ਹੱਲ ਪਹਿਲ ਦੇ ਆਧਾਰ ਤੇ ਕੀਤਾ ਜਾਵੇਗਾ। ਉਨ੍ਹਾਂ ਕਿਹਾ ਕਿ ਹਰ ਨਾਗਰਿਕ ਦਾ ਫਰਜ਼ ਹੈ ਕਿ ਉਹ ਸਮਾਜ ਦੀ ਭਲਾਈ ਲਈ ਅੱਗੇ ਆਵੇ।
ਜ਼ਿਲ੍ਹੇ ਦੇ ਪਿੰਡਾਂ ਵਿੱਚ ਵਿਕਾਸ ਕਾਰਜਾਂ ਨੂੰ ਤੇਜ਼ ਕਰਨ ਲਈ ਸਰਕਾਰ ਵੱਲੋਂ ਲਗਾਤਾਰ ਯਤਨ ਕੀਤੇ ਜਾ ਰਹੇ ਹਨ। ਇਸ ਮੌਕੇ ਵੱਡੀ ਗਿਣਤੀ ਵਿੱਚ ਪਤਵੰਤੇ ਸੱਜਣ ਅਤੇ ਪਿੰਡ
ਪਿੰਡ ਵਿੱਚ ਖੂਨਦਾਨ ਕੈਂਪ ਲਗਾਇਆ
ਜ਼ਿਲ੍ਹੇ ਦੇ ਪਿੰਡਾਂ ਵਿੱਚ ਵਿਕਾਸ ਕਾਰਜਾਂ ਨੂੰ ਤੇਜ਼ ਕਰਨ ਲਈ ਸਰਕਾਰ ਵੱਲੋਂ ਲਗਾਤਾਰ ਯਤਨ ਕੀਤੇ ਜਾ ਰਹੇ ਹਨ। ਇਸ ਮੌਕੇ ਵੱਡੀ ਗਿਣਤੀ ਵਿੱਚ ਪਤਵੰਤੇ ਸੱਜਣ ਅਤੇ ਪਿੰਡ ਵਾਸੀ ਹਾਜ਼ਰ ਸਨ। ਅਧਿਕਾਰੀਆਂ ਨੇ ਦੱਸਿਆ ਕਿ ਸਾਰੇ ਕੰਮ ਸਮੇਂ ਸਿਰ ਮੁਕੰਮਲ ਕੀਤੇ ਜਾਣਗੇ ਅਤੇ ਲੋਕਾਂ ਦੀਆਂ ਸਮੱਸਿਆਵਾਂ ਦਾ ਹੱਲ ਪਹਿਲ ਦੇ ਆਧਾਰ ਤੇ ਕੀਤਾ ਜਾਵੇਗਾ। ਉਨ੍ਹਾਂ ਕਿਹਾ ਕਿ ਹਰ ਨਾਗਰਿਕ ਦਾ ਫਰਜ਼ ਹੈ ਕਿ ਉਹ ਸਮਾਜ ਦੀ ਭਲਾਈ ਲਈ ਅੱਗੇ ਆਵੇ।
ਜ਼ਿਲ੍ਹੇ ਦੇ ਪਿੰਡਾਂ ਵਿੱਚ ਵਿਕਾਸ ਕਾਰਜਾਂ ਨੂੰ ਤੇਜ਼ ਕਰਨ ਲਈ ਸਰਕਾਰ ਵੱਲੋਂ ਲਗਾਤਾਰ ਯਤਨ ਕੀਤੇ ਜਾ ਰਹੇ ਹਨ। ਇਸ ਮੌਕੇ ਵੱਡੀ ਗਿਣਤੀ ਵਿੱਚ ਪਤਵੰਤੇ ਸੱਜਣ ਅਤੇ ਪਿੰਡ ਵਾਸੀ ਹਾਜ਼ਰ ਸਨ। ਅਧਿਕਾਰੀਆਂ ਨੇ ਦੱਸਿਆ ਕਿ ਸਾਰੇ ਕੰਮ ਸਮੇਂ ਸਿਰ ਮੁਕੰਮਲ ਕੀਤੇ ਜਾਣਗੇ ਅਤੇ ਲੋਕਾਂ ਦੀਆਂ ਸਮੱਸਿਆਵਾਂ ਦਾ ਹੱਲ ਪਹਿਲ ਦੇ ਆਧਾਰ ਤੇ ਕੀਤਾ ਜਾਵੇਗਾ। ਉਨ੍ਹਾਂ ਕਿਹਾ ਕਿ ਹਰ ਨਾਗਰਿਕ ਦਾ ਫਰਜ਼ ਹੈ ਕਿ ਉਹ ਸਮਾਜ ਦੀ ਭਲਾਈ ਲਈ ਅੱਗੇ ਆਵੇ।
ਜ਼ਿਲ੍ਹੇ ਦੇ ਪਿੰਡਾਂ ਵਿੱਚ ਵਿਕਾਸ ਕਾਰਜਾਂ ਨੂੰ ਤੇਜ਼ ਕਰਨ ਲਈ ਸਰਕਾਰ ਵੱਲੋਂ ਲਗਾਤਾਰ ਯਤਨ ਕੀਤੇ ਜਾ ਰਹੇ ਹਨ। ਇਸ ਮੌਕੇ ਵੱਡੀ ਗਿਣਤੀ ਵਿੱਚ ਪਤਵੰਤੇ ਸੱਜਣ ਅਤੇ ਪਿੰਡ ਵਾਸੀ ਹਾਜ਼ਰ ਸਨ। ਅਧਿਕਾਰੀਆਂ ਨੇ ਦੱਸਿਆ ਕਿ ਸਾਰੇ ਕੰਮ ਸਮੇਂ ਸਿਰ ਮੁਕੰਮਲ ਕੀਤੇ ਜਾਣਗੇ ਅਤੇ ਲੋਕਾਂ ਦੀਆਂ
ਬਲਾਕ ਪੱਧਰੀ ਖੇਡ ਮੁਕਾਬਲੇ ਸ਼ੁਰੂ
ਜ਼ਿਲ੍ਹੇ ਦੇ ਪਿੰਡਾਂ ਵਿੱਚ ਵਿਕਾਸ ਕਾਰਜਾਂ ਨੂੰ ਤੇਜ਼ ਕਰਨ ਲਈ ਸਰਕਾਰ ਵੱਲੋਂ ਲਗਾਤਾਰ ਯਤਨ ਕੀਤੇ ਜਾ ਰਹੇ ਹਨ। ਇਸ ਮੌਕੇ ਵੱਡੀ ਗਿਣਤੀ ਵਿੱਚ ਪਤਵੰਤੇ ਸੱਜਣ ਅਤੇ ਪਿੰਡ ਵਾਸੀ ਹਾਜ਼ਰ ਸਨ। ਅਧਿਕਾਰੀਆਂ ਨੇ ਦੱਸਿਆ ਕਿ ਸਾਰੇ ਕੰਮ ਸਮੇਂ ਸਿਰ ਮੁਕੰਮਲ ਕੀਤੇ ਜਾਣਗੇ ਅਤੇ ਲੋਕਾਂ ਦੀਆਂ ਸਮੱਸਿਆਵਾਂ ਦਾ ਹੱਲ ਪਹਿਲ ਦੇ ਆਧਾਰ ਤੇ ਕੀਤਾ ਜਾਵੇਗਾ। ਉਨ੍ਹਾਂ ਕਿਹਾ ਕਿ ਹਰ ਨਾਗਰਿਕ ਦਾ ਫਰਜ਼ ਹੈ ਕਿ ਉਹ ਸਮਾਜ ਦੀ ਭਲਾਈ ਲਈ ਅੱਗੇ ਆਵੇ।
ਜ਼ਿਲ੍ਹੇ ਦੇ ਪਿੰਡਾਂ ਵਿੱਚ ਵਿਕਾਸ ਕਾਰਜਾਂ ਨੂੰ ਤੇਜ਼ ਕਰਨ ਲਈ ਸਰਕਾਰ ਵੱਲੋਂ ਲਗਾਤਾਰ ਯਤਨ ਕੀਤੇ ਜਾ ਰਹੇ ਹਨ। ਇਸ ਮੌਕੇ ਵੱਡੀ ਗਿਣਤੀ ਵਿੱਚ ਪਤਵੰਤੇ ਸੱਜਣ ਅਤੇ ਪਿੰਡ ਵਾਸੀ ਹਾਜ਼ਰ ਸਨ। ਅਧਿਕਾਰੀਆਂ ਨੇ ਦੱਸਿਆ ਕਿ ਸਾਰੇ ਕੰਮ ਸਮੇਂ ਸਿਰ ਮੁਕੰਮਲ ਕੀਤੇ ਜਾਣਗੇ ਅਤੇ ਲੋਕਾਂ ਦੀਆਂ ਸਮੱਸਿਆਵਾਂ ਦਾ ਹੱਲ ਪਹਿਲ ਦੇ ਆਧਾਰ ਤੇ ਕੀਤਾ ਜਾਵੇਗਾ। ਉਨ੍ਹਾਂ ਕਿਹਾ ਕਿ ਹਰ ਨਾਗਰਿਕ ਦਾ ਫਰਜ਼ ਹੈ ਕਿ ਉਹ ਸਮਾਜ ਦੀ ਭਲਾਈ ਲਈ ਅੱਗੇ ਆਵੇ।
ਜ਼ਿਲ੍ਹੇ ਦੇ ਪਿੰਡਾਂ ਵਿੱਚ ਵਿਕਾਸ ਕਾਰਜਾਂ ਨੂੰ ਤੇਜ਼ ਕਰਨ ਲਈ ਸਰਕਾਰ ਵੱਲੋਂ ਲਗਾਤਾਰ ਯਤਨ ਕੀਤੇ ਜਾ ਰਹੇ ਹਨ। ਇਸ ਮੌਕੇ ਵੱਡੀ ਗਿਣਤੀ ਵਿੱਚ ਪਤਵੰਤੇ ਸੱਜਣ ਅਤੇ ਪਿੰਡ
ਜ਼ਿਲ੍ਹੇ ਦੇ ਪਿੰਡਾਂ ਵਿੱਚ ਵਿਕਾਸ ਕਾਰਜਾਂ ਨੂੰ ਤੇਜ਼ ਕਰਨ ਲਈ ਸਰਕਾਰ ਵੱਲੋਂ ਲਗਾਤਾਰ ਯਤਨ ਕੀਤੇ ਜਾ ਰਹੇ ਹਨ। ਇਸ ਮੌਕੇ ਵੱਡੀ ਗਿਣਤੀ ਵਿੱਚ ਪਤਵੰਤੇ ਸੱਜਣ ਅਤੇ ਪਿੰਡ ਵਾਸੀ ਹਾਜ਼ਰ ਸਨ। ਅਧਿਕਾਰੀਆਂ ਨੇ ਦੱਸਿਆ ਕਿ ਸਾਰੇ ਕੰਮ ਸਮੇਂ ਸਿਰ ਮੁਕੰਮਲ ਕੀਤੇ ਜਾਣਗੇ ਅਤੇ ਲੋਕਾਂ ਦੀਆਂ ਸਮੱਸਿਆਵਾਂ ਦਾ ਹੱਲ ਪਹਿਲ ਦੇ ਆਧਾਰ ਤੇ ਕੀਤਾ ਜਾਵੇਗਾ। ਉਨ੍ਹਾਂ ਕਿਹਾ ਕਿ ਹਰ ਨਾਗਰਿਕ ਦਾ ਫਰਜ਼ ਹੈ ਕਿ ਉਹ ਸਮਾਜ ਦੀ ਭਲਾਈ ਲਈ ਅੱਗੇ ਆਵੇ।
ਜ਼ਿਲ੍ਹੇ ਦੇ ਪਿੰਡਾਂ ਵਿੱਚ ਵਿਕਾਸ ਕਾਰਜਾਂ ਨੂੰ ਤੇਜ਼ ਕਰਨ ਲਈ ਸਰਕਾਰ ਵੱਲੋਂ ਲਗਾਤਾਰ ਯਤਨ ਕੀਤੇ ਜਾ ਰਹੇ ਹਨ। ਇਸ ਮੌਕੇ ਵੱਡੀ ਗਿਣਤੀ ਵਿੱਚ ਪਤਵੰਤੇ ਸੱਜਣ ਅਤੇ ਪਿੰਡ ਵਾਸੀ ਹਾਜ਼ਰ ਸਨ। ਅਧਿਕਾਰੀਆਂ ਨੇ ਦੱਸਿਆ ਕਿ ਸਾਰੇ ਕੰਮ ਸਮੇਂ ਸਿਰ ਮੁਕੰਮਲ ਕੀਤੇ ਜਾਣਗੇ ਅਤੇ ਲੋਕਾਂ ਦੀਆਂ ਸਮੱਸਿਆਵਾਂ ਦਾ ਹੱਲ ਪਹਿਲ ਦੇ ਆਧਾਰ ਤੇ ਕੀਤਾ ਜਾਵੇਗਾ। ਉਨ੍ਹਾਂ ਕਿਹਾ ਕਿ ਹਰ ਨਾਗਰਿਕ ਦਾ ਫਰਜ਼ ਹੈ ਕਿ ਉਹ ਸਮਾਜ ਦੀ ਭਲਾਈ ਲਈ ਅੱਗੇ ਆਵੇ।
ਜ਼ਿਲ੍ਹੇ ਦੇ ਪਿੰਡਾਂ ਵਿੱਚ ਵਿਕਾਸ ਕਾਰਜਾਂ ਨੂੰ ਤੇਜ਼ ਕਰਨ ਲਈ ਸਰਕਾਰ ਵੱਲੋਂ ਲਗਾਤਾਰ ਯਤਨ ਕੀਤੇ ਜਾ ਰਹੇ ਹਨ। ਇਸ ਮੌਕੇ ਵੱਡੀ ਗਿਣਤੀ ਵਿੱਚ ਪਤਵੰਤੇ ਸੱਜਣ ਅਤੇ ਪਿੰਡ
ਹੜ੍ਹ ਪੀੜਤਾਂ ਲਈ ਰਾਹਤ ਸਮੱਗਰੀ ਭੇਜੀ
ਜ਼ਿਲ੍ਹੇ ਦੇ ਪਿੰਡਾਂ ਵਿੱਚ ਵਿਕਾਸ ਕਾਰਜਾਂ ਨੂੰ ਤੇਜ਼ ਕਰਨ ਲਈ ਸਰਕਾਰ ਵੱਲੋਂ ਲਗਾਤਾਰ ਯਤਨ ਕੀਤੇ ਜਾ ਰਹੇ ਹਨ। ਇਸ ਮੌਕੇ ਵੱਡੀ ਗਿਣਤੀ ਵਿੱਚ ਪਤਵੰਤੇ ਸੱਜਣ ਅਤੇ ਪਿੰਡ ਵਾਸੀ ਹਾਜ਼ਰ ਸਨ। ਅਧਿਕਾਰੀਆਂ ਨੇ ਦੱਸਿਆ ਕਿ ਸਾਰੇ ਕੰਮ ਸਮੇਂ ਸਿਰ ਮੁਕੰਮਲ ਕੀਤੇ ਜਾਣਗੇ ਅਤੇ ਲੋਕਾਂ ਦੀਆਂ ਸਮੱਸਿਆਵਾਂ ਦਾ ਹੱਲ ਪਹਿਲ ਦੇ ਆਧਾਰ ਤੇ ਕੀਤਾ ਜਾਵੇਗਾ। ਉਨ੍ਹਾਂ ਕਿਹਾ ਕਿ ਹਰ ਨਾਗਰਿਕ ਦਾ ਫਰਜ਼ ਹੈ ਕਿ ਉਹ ਸਮਾਜ ਦੀ ਭਲਾਈ ਲਈ ਅੱਗੇ ਆਵੇ।
ਜ਼ਿਲ੍ਹੇ ਦੇ ਪਿੰਡਾਂ ਵਿੱਚ ਵਿਕਾਸ ਕਾਰਜਾਂ ਨੂੰ ਤੇਜ਼ ਕਰਨ ਲਈ ਸਰਕਾਰ ਵੱਲੋਂ ਲਗਾਤਾਰ ਯਤਨ ਕੀਤੇ ਜਾ ਰਹੇ ਹਨ। ਇਸ ਮੌਕੇ ਵੱਡੀ ਗਿਣਤੀ ਵਿੱਚ ਪਤਵੰਤੇ ਸੱਜਣ ਅਤੇ ਪਿੰਡ ਵਾਸੀ ਹਾਜ਼ਰ ਸਨ। ਅਧਿਕਾਰੀਆਂ ਨੇ ਦੱਸਿਆ ਕਿ ਸਾਰੇ ਕੰਮ ਸਮੇਂ ਸਿਰ ਮੁਕੰਮਲ ਕੀਤੇ ਜਾਣਗੇ ਅਤੇ ਲੋਕਾਂ ਦੀਆਂ ਸਮੱਸਿਆਵਾਂ ਦਾ ਹੱਲ ਪਹਿਲ ਦੇ ਆਧਾਰ ਤੇ ਕੀਤਾ
ਜ਼ਿਲ੍ਹੇ ਦੇ ਪਿੰਡਾਂ ਵਿੱਚ ਵਿਕਾਸ ਕਾਰਜਾਂ ਨੂੰ ਤੇਜ਼ ਕਰਨ ਲਈ ਸਰਕਾਰ ਵੱਲੋਂ ਲਗਾਤਾਰ ਯਤਨ ਕੀਤੇ ਜਾ ਰਹੇ ਹਨ। ਇਸ ਮੌਕੇ ਵੱਡੀ ਗਿਣਤੀ ਵਿੱਚ ਪਤਵੰਤੇ ਸੱਜਣ ਅਤੇ ਪਿੰਡ ਵਾਸੀ ਹਾਜ਼ਰ ਸਨ। ਅਧਿਕਾਰੀਆਂ ਨੇ ਦੱਸਿਆ ਕਿ ਸਾਰੇ ਕੰਮ ਸਮੇਂ ਸਿਰ ਮੁਕੰਮਲ ਕੀਤੇ ਜਾਣਗੇ ਅਤੇ ਲੋਕਾਂ ਦੀਆਂ ਸਮੱਸਿਆਵਾਂ ਦਾ ਹੱਲ ਪਹਿਲ ਦੇ ਆਧਾਰ ਤੇ ਕੀਤਾ ਜਾਵੇਗਾ। ਉਨ੍ਹਾਂ ਕਿਹਾ ਕਿ ਹਰ ਨਾਗਰਿਕ ਦਾ ਫਰਜ਼ ਹੈ ਕਿ ਉਹ ਸਮਾਜ ਦੀ ਭਲਾਈ ਲਈ ਅੱਗੇ ਆਵੇ।
ਜ਼ਿਲ੍ਹੇ ਦੇ ਪਿੰਡਾਂ ਵਿੱਚ ਵਿਕਾਸ ਕਾਰਜਾਂ ਨੂੰ ਤੇਜ਼ ਕਰਨ ਲਈ ਸਰਕਾਰ ਵੱਲੋਂ ਲਗਾਤਾਰ ਯਤਨ ਕੀਤੇ ਜਾ ਰਹੇ ਹਨ। ਇਸ ਮੌਕੇ ਵੱਡੀ ਗਿਣਤੀ ਵਿੱਚ ਪਤਵੰਤੇ ਸੱਜਣ ਅਤੇ ਪਿੰਡ ਵਾਸੀ ਹਾਜ਼ਰ ਸਨ। ਅਧਿਕਾਰੀਆਂ ਨੇ ਦੱਸਿਆ ਕਿ ਸਾਰੇ ਕੰਮ ਸਮੇਂ ਸਿਰ ਮੁਕੰਮਲ ਕੀਤੇ ਜਾਣਗੇ ਅਤੇ ਲੋਕਾਂ ਦੀਆਂ ਸਮੱਸਿਆਵਾਂ ਦਾ ਹੱਲ ਪਹਿਲ ਦੇ ਆਧਾਰ ਤੇ ਕੀਤਾ
ਨਗਰ ਕੌਂਸਲ ਦੀ ਮੀਟਿੰਗ ਵਿੱਚ ਅਹਿਮ ਫੈਸਲੇ
ਜ਼ਿਲ੍ਹੇ ਦੇ ਪਿੰਡਾਂ ਵਿੱਚ ਵਿਕਾਸ ਕਾਰਜਾਂ ਨੂੰ ਤੇਜ਼ ਕਰਨ ਲਈ ਸਰਕਾਰ ਵੱਲੋਂ ਲਗਾਤਾਰ ਯਤਨ ਕੀਤੇ ਜਾ ਰਹੇ ਹਨ। ਇਸ ਮੌਕੇ ਵੱਡੀ ਗਿਣਤੀ ਵਿੱਚ ਪਤਵੰਤੇ ਸੱਜਣ ਅਤੇ ਪਿੰਡ ਵਾਸੀ ਹਾਜ਼ਰ ਸਨ। ਅਧਿਕਾਰੀਆਂ ਨੇ ਦੱਸਿਆ ਕਿ ਸਾਰੇ ਕੰਮ ਸਮੇਂ ਸਿਰ ਮੁਕੰਮਲ ਕੀਤੇ ਜਾਣਗੇ ਅਤੇ ਲੋਕਾਂ ਦੀਆਂ ਸਮੱਸਿਆਵਾਂ ਦਾ ਹੱਲ ਪਹਿਲ ਦੇ ਆਧਾਰ ਤੇ ਕੀਤਾ ਜਾਵੇਗਾ। ਉਨ੍ਹਾਂ ਕਿਹਾ ਕਿ ਹਰ ਨਾਗਰਿਕ ਦਾ ਫਰਜ਼ ਹੈ ਕਿ ਉਹ ਸਮਾਜ ਦੀ ਭਲਾਈ ਲਈ ਅੱਗੇ ਆਵੇ।
ਜ਼ਿਲ੍ਹੇ ਦੇ ਪਿੰਡਾਂ ਵਿੱਚ ਵਿਕਾਸ ਕਾਰਜਾਂ ਨੂੰ ਤੇਜ਼ ਕਰਨ ਲਈ ਸਰਕਾਰ ਵੱਲੋਂ ਲਗਾਤਾਰ ਯਤਨ ਕੀਤੇ ਜਾ ਰਹੇ ਹਨ। ਇਸ ਮੌਕੇ ਵੱਡੀ ਗਿਣਤੀ ਵਿੱਚ ਪਤਵੰਤੇ ਸੱਜਣ ਅਤੇ ਪਿੰਡ ਵਾਸੀ ਹਾਜ਼ਰ ਸਨ। ਅਧਿਕਾਰੀਆਂ ਨੇ ਦੱਸਿਆ ਕਿ ਸਾਰੇ ਕੰਮ ਸਮੇਂ ਸਿਰ ਮੁਕੰਮਲ ਕੀਤੇ ਜਾਣਗੇ ਅਤੇ ਲੋਕਾਂ ਦੀਆਂ ਸਮੱਸਿਆਵਾਂ ਦਾ ਹੱਲ ਪਹਿਲ ਦੇ ਆਧਾਰ ਤੇ ਕੀਤਾ ਜਾਵੇਗਾ। ਉਨ੍ਹਾਂ ਕਿਹਾ ਕਿ ਹਰ ਨਾਗਰਿਕ ਦਾ ਫਰਜ਼ ਹੈ
ਜ਼ਿਲ੍ਹੇ ਦੇ ਪਿੰਡਾਂ ਵਿੱਚ ਵਿਕਾਸ ਕਾਰਜਾਂ ਨੂੰ ਤੇਜ਼ ਕਰਨ ਲਈ ਸਰਕਾਰ ਵੱਲੋਂ ਲਗਾਤਾਰ ਯਤਨ ਕੀਤੇ ਜਾ ਰਹੇ ਹਨ। ਇਸ ਮੌਕੇ ਵੱਡੀ ਗਿਣਤੀ ਵਿੱਚ ਪਤਵੰਤੇ ਸੱਜਣ ਅਤੇ ਪਿੰਡ ਵਾਸੀ ਹਾਜ਼ਰ ਸਨ। ਅਧਿਕਾਰੀਆਂ ਨੇ ਦੱਸਿਆ ਕਿ ਸਾਰੇ ਕੰਮ ਸਮੇਂ ਸਿਰ ਮੁਕੰਮਲ ਕੀਤੇ ਜਾਣਗੇ ਅਤੇ ਲੋਕਾਂ ਦੀਆਂ
ਸਰਕਾਰੀ ਸਕੂਲ ਨੂੰ ਮਿਲੀ ਨਵੀਂ ਬੱਸ
ਜ਼ਿਲ੍ਹੇ ਦੇ ਪਿੰਡਾਂ ਵਿੱਚ ਵਿਕਾਸ ਕਾਰਜਾਂ ਨੂੰ ਤੇਜ਼ ਕਰਨ ਲਈ ਸਰਕਾਰ ਵੱਲੋਂ ਲਗਾਤਾਰ ਯਤਨ ਕੀਤੇ ਜਾ ਰਹੇ ਹਨ। ਇਸ ਮੌਕੇ ਵੱਡੀ ਗਿਣਤੀ ਵਿੱਚ ਪਤਵੰਤੇ ਸੱਜਣ ਅਤੇ ਪਿੰਡ ਵਾਸੀ ਹਾਜ਼ਰ ਸਨ। ਅਧਿਕਾਰੀਆਂ ਨੇ ਦੱਸਿਆ ਕਿ ਸਾਰੇ ਕੰਮ ਸਮੇਂ ਸਿਰ ਮੁਕੰਮਲ ਕੀਤੇ ਜਾਣਗੇ ਅਤੇ ਲੋਕਾਂ ਦੀਆਂ ਸਮੱਸਿਆਵਾਂ ਦਾ ਹੱਲ ਪਹਿਲ ਦੇ ਆਧਾਰ ਤੇ ਕੀਤਾ ਜਾਵੇਗਾ। ਉਨ੍ਹਾਂ ਕਿਹਾ ਕਿ ਹਰ ਨਾਗਰਿਕ ਦਾ ਫਰਜ਼ ਹੈ ਕਿ ਉਹ ਸਮਾਜ ਦੀ ਭਲਾਈ ਲਈ ਅੱਗੇ ਆਵੇ।
ਜ਼ਿਲ੍ਹੇ ਦੇ ਪਿੰਡਾਂ ਵਿੱਚ ਵਿਕਾਸ ਕਾਰਜਾਂ ਨੂੰ ਤੇਜ਼ ਕਰਨ ਲਈ ਸਰਕਾਰ ਵੱਲੋਂ ਲਗਾਤਾਰ ਯਤਨ ਕੀਤੇ ਜਾ ਰਹੇ ਹਨ। ਇਸ ਮੌਕੇ ਵੱਡੀ ਗਿਣਤੀ ਵਿੱਚ ਪਤਵੰਤੇ ਸੱਜਣ ਅਤੇ ਪਿੰਡ ਵਾਸੀ ਹਾਜ਼ਰ ਸਨ। ਅਧਿਕਾਰੀਆਂ ਨੇ ਦੱਸਿਆ ਕਿ ਸਾਰੇ ਕੰਮ ਸਮੇਂ ਸਿਰ ਮੁਕੰਮਲ ਕੀਤੇ ਜਾਣਗੇ ਅਤੇ ਲੋਕਾਂ ਦੀਆਂ
ਜ਼ਿਲ੍ਹੇ ਦੇ ਪਿੰਡਾਂ ਵਿੱਚ ਵਿਕਾਸ ਕਾਰਜਾਂ ਨੂੰ ਤੇਜ਼ ਕਰਨ ਲਈ ਸਰਕਾਰ ਵੱਲੋਂ ਲਗਾਤਾਰ ਯਤਨ ਕੀਤੇ ਜਾ ਰਹੇ ਹਨ। ਇਸ ਮੌਕੇ ਵੱਡੀ ਗਿਣਤੀ ਵਿੱਚ ਪਤਵੰਤੇ ਸੱਜਣ ਅਤੇ ਪਿੰਡ ਵਾਸੀ ਹਾਜ਼ਰ ਸਨ। ਅਧਿਕਾਰੀਆਂ ਨੇ ਦੱਸਿਆ ਕਿ ਸਾਰੇ ਕੰਮ ਸਮੇਂ ਸਿਰ ਮੁਕੰਮਲ ਕੀਤੇ ਜਾਣਗੇ ਅਤੇ ਲੋਕਾਂ ਦੀਆਂ ਸਮੱਸਿਆਵਾਂ ਦਾ ਹੱਲ ਪਹਿਲ ਦੇ ਆਧਾਰ ਤੇ ਕੀਤਾ ਜਾਵੇਗਾ। ਉਨ੍ਹਾਂ ਕਿਹਾ ਕਿ ਹਰ ਨਾਗਰਿਕ ਦਾ ਫਰਜ਼ ਹੈ ਕਿ ਉਹ ਸਮਾਜ ਦੀ ਭਲਾਈ ਲਈ ਅੱਗੇ ਆਵੇ।
ਸ਼ਹੀਦ ਊਧਮ ਸਿੰਘ ਦਾ ਸ਼ਹੀਦੀ ਦਿਹਾੜਾ ਮਨਾਇਆ
ਜ਼ਿਲ੍ਹੇ ਦੇ ਪਿੰਡਾਂ ਵਿੱਚ ਵਿਕਾਸ ਕਾਰਜਾਂ ਨੂੰ ਤੇਜ਼ ਕਰਨ ਲਈ ਸਰਕਾਰ ਵੱਲੋਂ ਲਗਾਤਾਰ ਯਤਨ ਕੀਤੇ ਜਾ ਰਹੇ ਹਨ। ਇਸ ਮੌਕੇ ਵੱਡੀ ਗਿਣਤੀ ਵਿੱਚ ਪਤਵੰਤੇ ਸੱਜਣ ਅਤੇ ਪਿੰਡ ਵਾਸੀ ਹਾਜ਼ਰ ਸਨ। ਅਧਿਕਾਰੀਆਂ ਨੇ ਦੱਸਿਆ ਕਿ ਸਾਰੇ ਕੰਮ ਸਮੇਂ ਸਿਰ ਮੁਕੰਮਲ ਕੀਤੇ ਜਾਣਗੇ ਅਤੇ ਲੋਕਾਂ ਦੀਆਂ ਸਮੱਸਿਆਵਾਂ ਦਾ ਹੱਲ ਪਹਿਲ ਦੇ ਆਧਾਰ ਤੇ ਕੀਤਾ ਜਾਵੇਗਾ। ਉਨ੍ਹਾਂ ਕਿਹਾ ਕਿ ਹਰ ਨਾਗਰਿਕ ਦਾ ਫਰਜ਼ ਹੈ ਕਿ ਉਹ ਸਮਾਜ ਦੀ ਭਲਾਈ ਲਈ ਅੱਗੇ ਆਵੇ।
ਜ਼ਿਲ੍ਹੇ ਦੇ ਪਿੰਡਾਂ ਵਿੱਚ ਵਿਕਾਸ ਕਾਰਜਾਂ ਨੂੰ ਤੇਜ਼ ਕਰਨ ਲਈ ਸਰਕਾਰ ਵੱਲੋਂ ਲਗਾਤਾਰ ਯਤਨ ਕੀਤੇ ਜਾ ਰਹੇ ਹਨ। ਇਸ ਮੌਕੇ ਵੱਡੀ ਗਿਣਤੀ ਵਿੱਚ ਪਤਵੰਤੇ ਸੱਜਣ ਅਤੇ ਪਿੰਡ ਵਾਸੀ ਹਾਜ਼ਰ ਸਨ। ਅਧਿਕਾਰੀਆਂ ਨੇ ਦੱਸਿਆ ਕਿ ਸਾਰੇ ਕੰਮ ਸਮੇਂ ਸਿਰ ਮੁਕੰਮਲ ਕੀਤੇ ਜਾਣਗੇ ਅਤੇ ਲੋਕਾਂ ਦੀਆਂ ਸਮੱਸਿਆਵਾਂ ਦਾ ਹੱਲ ਪਹਿਲ ਦੇ ਆਧਾਰ ਤੇ ਕੀਤਾ ਜਾਵੇਗਾ। ਉਨ੍ਹਾਂ ਕਿਹਾ ਕਿ ਹਰ ਨਾਗਰਿਕ ਦਾ ਫਰਜ਼ ਹੈ ਕਿ ਉਹ ਸਮਾਜ ਦੀ ਭਲਾਈ ਲਈ ਅੱਗੇ ਆਵੇ।
ਜ਼ਿਲ੍ਹੇ ਦੇ ਪਿੰਡਾਂ ਵਿੱਚ ਵਿਕਾਸ ਕਾਰਜਾਂ ਨੂੰ ਤੇਜ਼ ਕਰਨ ਲਈ ਸਰਕਾਰ ਵੱਲੋਂ ਲਗਾਤਾਰ ਯਤਨ ਕੀਤੇ ਜਾ ਰਹੇ ਹਨ।
ਜ਼ਿਲ੍ਹੇ ਦੇ ਪਿੰਡਾਂ ਵਿੱਚ ਵਿਕਾਸ ਕਾਰਜਾਂ ਨੂੰ ਤੇਜ਼ ਕਰਨ ਲਈ ਸਰਕਾਰ ਵੱਲੋਂ ਲਗਾਤਾਰ ਯਤਨ ਕੀਤੇ ਜਾ ਰਹੇ ਹਨ। ਇਸ ਮੌਕੇ ਵੱਡੀ ਗਿਣਤੀ ਵਿੱਚ ਪਤਵੰਤੇ ਸੱਜਣ ਅਤੇ ਪਿੰਡ ਵਾਸੀ ਹਾਜ਼ਰ ਸਨ। ਅਧਿਕਾਰੀਆਂ ਨੇ ਦੱਸਿਆ ਕਿ ਸਾਰੇ ਕੰਮ ਸਮੇਂ ਸਿਰ ਮੁਕੰਮਲ ਕੀਤੇ ਜਾਣਗੇ ਅਤੇ ਲੋਕਾਂ ਦੀਆਂ ਸਮੱਸਿਆਵਾਂ ਦਾ ਹੱਲ ਪਹਿਲ ਦੇ ਆਧਾਰ ਤੇ ਕੀਤਾ ਜਾਵੇਗਾ। ਉਨ੍ਹਾਂ ਕਿਹਾ ਕਿ ਹਰ ਨਾਗਰਿਕ ਦਾ ਫਰਜ਼ ਹੈ ਕਿ ਉਹ ਸਮਾਜ ਦੀ ਭਲਾਈ ਲਈ ਅੱਗੇ ਆਵੇ।
ਜ਼ਿਲ੍ਹੇ ਦੇ ਪਿੰਡਾਂ ਵਿੱਚ ਵਿਕਾਸ ਕਾਰਜਾਂ ਨੂੰ ਤੇਜ਼ ਕਰਨ ਲਈ ਸਰਕਾਰ ਵੱਲੋਂ ਲਗਾਤਾਰ ਯਤਨ ਕੀਤੇ ਜਾ ਰਹੇ ਹਨ। ਇਸ ਮੌਕੇ ਵੱਡੀ ਗਿਣਤੀ ਵਿੱਚ ਪਤਵੰਤੇ ਸੱਜਣ ਅਤੇ ਪਿੰਡ ਵਾਸੀ ਹਾਜ਼ਰ ਸਨ। ਅਧਿਕਾਰੀਆਂ ਨੇ ਦੱਸਿਆ ਕਿ ਸਾਰੇ ਕੰਮ ਸਮੇਂ ਸਿਰ ਮੁਕੰਮਲ ਕੀਤੇ ਜਾਣਗੇ ਅਤੇ ਲੋਕਾਂ ਦੀਆਂ ਸਮੱਸਿਆਵਾਂ ਦਾ ਹੱਲ ਪਹਿਲ ਦੇ ਆਧਾਰ ਤੇ ਕੀਤਾ ਜਾਵੇਗਾ। ਉਨ੍ਹਾਂ ਕਿਹਾ ਕਿ ਹਰ ਨਾਗਰਿਕ ਦਾ ਫਰਜ਼ ਹੈ ਕਿ ਉਹ ਸਮਾਜ ਦੀ ਭਲਾਈ ਲਈ ਅੱਗੇ ਆਵੇ।
ਜ਼ਿਲ੍ਹੇ ਦੇ ਪਿੰਡਾਂ ਵਿੱਚ ਵਿਕਾਸ ਕਾਰਜਾਂ ਨੂੰ ਤੇਜ਼ ਕਰਨ ਲਈ ਸਰਕਾਰ ਵੱਲੋਂ ਲਗਾਤਾਰ ਯਤਨ ਕੀਤੇ ਜਾ ਰਹੇ ਹਨ।
ਪੁਲਿਸ ਨੇ ਨਸ਼ੀਲੇ ਪਦਾਰਥਾਂ ਸਮੇਤ ਇੱਕ ਕਾਬੂ ਕੀਤਾ
ਜ਼ਿਲ੍ਹੇ ਦੇ ਪਿੰਡਾਂ ਵਿੱਚ ਵਿਕਾਸ ਕਾਰਜਾਂ ਨੂੰ ਤੇਜ਼ ਕਰਨ ਲਈ ਸਰਕਾਰ ਵੱਲੋਂ ਲਗਾਤਾਰ ਯਤਨ ਕੀਤੇ ਜਾ ਰਹੇ ਹਨ। ਇਸ ਮੌਕੇ ਵੱਡੀ ਗਿਣਤੀ ਵਿੱਚ ਪਤਵੰਤੇ ਸੱਜਣ ਅਤੇ ਪਿੰਡ ਵਾਸੀ ਹਾਜ਼ਰ ਸਨ। ਅਧਿਕਾਰੀਆਂ ਨੇ ਦੱਸਿਆ ਕਿ ਸਾਰੇ ਕੰਮ ਸਮੇਂ ਸਿਰ ਮੁਕੰਮਲ ਕੀਤੇ ਜਾਣਗੇ ਅਤੇ ਲੋਕਾਂ ਦੀਆਂ ਸਮੱਸਿਆਵਾਂ ਦਾ ਹੱਲ ਪਹਿਲ ਦੇ ਆਧਾਰ ਤੇ ਕੀਤਾ ਜਾਵੇਗਾ। ਉਨ੍ਹਾਂ ਕਿਹਾ ਕਿ ਹਰ ਨਾਗਰਿਕ ਦਾ ਫਰਜ਼ ਹੈ ਕਿ ਉਹ ਸਮਾਜ ਦੀ ਭਲਾਈ ਲਈ ਅੱਗੇ ਆਵੇ।
ਜ਼ਿਲ੍ਹੇ ਦੇ ਪਿੰਡਾਂ ਵਿੱਚ ਵਿਕਾਸ ਕਾਰਜਾਂ ਨੂੰ ਤੇਜ਼ ਕਰਨ ਲਈ ਸਰਕਾਰ ਵੱਲੋਂ ਲਗਾਤਾਰ ਯਤਨ ਕੀਤੇ ਜਾ ਰਹੇ ਹਨ। ਇਸ ਮੌਕੇ ਵੱਡੀ ਗਿਣਤੀ ਵਿੱਚ ਪਤਵੰਤੇ ਸੱਜਣ ਅਤੇ ਪਿੰਡ ਵਾਸੀ ਹਾਜ਼ਰ ਸਨ। ਅਧਿਕਾਰੀਆਂ ਨੇ ਦੱਸਿਆ ਕਿ ਸਾਰੇ ਕੰਮ ਸਮੇਂ ਸਿਰ ਮੁਕੰਮਲ ਕੀਤੇ ਜਾਣਗੇ ਅਤੇ ਲੋਕਾਂ ਦੀਆਂ ਸਮੱਸਿਆਵਾਂ ਦਾ ਹੱਲ ਪਹਿਲ ਦੇ ਆਧਾਰ ਤੇ ਕੀਤਾ ਜਾਵੇਗਾ। ਉਨ੍ਹਾਂ ਕਿਹਾ ਕਿ ਹਰ ਨਾਗਰਿਕ ਦਾ ਫਰਜ਼ ਹੈ ਕਿ ਉਹ ਸਮਾਜ ਦੀ ਭਲਾਈ ਲਈ ਅੱਗੇ ਆਵੇ।
ਜ਼ਿਲ੍ਹੇ ਦੇ ਪਿੰਡਾਂ ਵਿੱਚ ਵਿਕਾਸ ਕਾਰਜਾਂ ਨੂੰ ਤੇਜ਼ ਕਰਨ ਲਈ ਸਰਕਾਰ ਵੱਲੋਂ ਲਗਾਤਾਰ ਯਤਨ ਕੀਤੇ ਜਾ ਰਹੇ ਹਨ। ਇਸ ਮੌਕੇ ਵੱਡੀ ਗਿਣਤੀ ਵਿੱਚ ਪਤਵੰਤੇ ਸੱਜਣ ਅਤੇ ਪਿੰਡ ਵਾਸੀ ਹਾਜ਼ਰ ਸਨ। ਅਧਿਕਾਰੀਆਂ ਨੇ ਦੱਸਿਆ ਕਿ ਸਾਰੇ
ਬਰਸਾਤੀ ਪਾਣੀ ਦੀ ਨਿਕਾਸੀ ਦੇ ਪ੍ਰਬੰਧ
ਜ਼ਿਲ੍ਹੇ ਦੇ ਪਿੰਡਾਂ ਵਿੱਚ ਵਿਕਾਸ ਕਾਰਜਾਂ ਨੂੰ ਤੇਜ਼ ਕਰਨ ਲਈ ਸਰਕਾਰ ਵੱਲੋਂ ਲਗਾਤਾਰ ਯਤਨ ਕੀਤੇ ਜਾ ਰਹੇ ਹਨ। ਇਸ ਮੌਕੇ ਵੱਡੀ ਗਿਣਤੀ ਵਿੱਚ ਪਤਵੰਤੇ ਸੱਜਣ ਅਤੇ ਪਿੰਡ ਵਾਸੀ ਹਾਜ਼ਰ ਸਨ। ਅਧਿਕਾਰੀਆਂ ਨੇ ਦੱਸਿਆ ਕਿ ਸਾਰੇ ਕੰਮ ਸਮੇਂ ਸਿਰ ਮੁਕੰਮਲ ਕੀਤੇ ਜਾਣਗੇ ਅਤੇ ਲੋਕਾਂ ਦੀਆਂ ਸਮੱਸਿਆਵਾਂ ਦਾ ਹੱਲ ਪਹਿਲ ਦੇ ਆਧਾਰ ਤੇ ਕੀਤਾ ਜਾਵੇਗਾ। ਉਨ੍ਹਾਂ ਕਿਹਾ ਕਿ ਹਰ ਨਾਗਰਿਕ ਦਾ ਫਰਜ਼ ਹੈ ਕਿ ਉਹ ਸਮਾਜ ਦੀ ਭਲਾਈ ਲਈ ਅੱਗੇ ਆਵੇ।
ਜ਼ਿਲ੍ਹੇ ਦੇ ਪਿੰਡਾਂ ਵਿੱਚ ਵਿਕਾਸ ਕਾਰਜਾਂ ਨੂੰ ਤੇਜ਼ ਕਰਨ ਲਈ ਸਰਕਾਰ ਵੱਲੋਂ ਲਗਾਤਾਰ ਯਤਨ ਕੀਤੇ ਜਾ ਰਹੇ ਹਨ। ਇਸ ਮੌਕੇ ਵੱਡੀ ਗਿਣਤੀ ਵਿੱਚ ਪਤਵੰਤੇ ਸੱਜਣ ਅਤੇ ਪਿੰਡ ਵਾਸੀ ਹਾਜ਼ਰ ਸਨ। ਅਧਿਕਾਰੀਆਂ ਨੇ ਦੱਸਿਆ ਕਿ ਸਾਰੇ ਕੰਮ ਸਮੇਂ ਸਿਰ ਮੁਕੰਮਲ ਕੀਤੇ ਜਾਣਗੇ ਅਤੇ ਲੋਕਾਂ ਦੀਆਂ ਸਮੱਸਿਆਵਾਂ ਦਾ ਹੱਲ ਪਹਿਲ ਦੇ ਆਧਾਰ ਤੇ ਕੀਤਾ
ਜ਼ਿਲ੍ਹੇ ਦੇ ਪਿੰਡਾਂ ਵਿੱਚ ਵਿਕਾਸ ਕਾਰਜਾਂ ਨੂੰ ਤੇਜ਼ ਕਰਨ ਲਈ ਸਰਕਾਰ ਵੱਲੋਂ ਲਗਾਤਾਰ ਯਤਨ ਕੀਤੇ ਜਾ ਰਹੇ ਹਨ। ਇਸ ਮੌਕੇ ਵੱਡੀ ਗਿਣਤੀ ਵਿੱਚ ਪਤਵੰਤੇ ਸੱਜਣ ਅਤੇ ਪਿੰਡ ਵਾਸੀ ਹਾਜ਼ਰ ਸਨ। ਅਧਿਕਾਰੀਆਂ ਨੇ ਦੱਸਿਆ ਕਿ ਸਾਰੇ ਕੰਮ ਸਮੇਂ ਸਿਰ ਮੁਕੰਮਲ ਕੀਤੇ ਜਾਣਗੇ ਅਤੇ ਲੋਕਾਂ ਦੀਆਂ ਸਮੱਸਿਆਵਾਂ ਦਾ ਹੱਲ ਪਹਿਲ ਦੇ ਆਧਾਰ ਤੇ ਕੀਤਾ ਜਾਵੇਗਾ। ਉਨ੍ਹਾਂ ਕਿਹਾ ਕਿ ਹਰ ਨਾਗਰਿਕ ਦਾ ਫਰਜ਼ ਹੈ ਕਿ ਉਹ ਸਮਾਜ ਦੀ ਭਲਾਈ ਲਈ ਅੱਗੇ ਆਵੇ।
ਜ਼ਿਲ੍ਹੇ ਦੇ ਪਿੰਡਾਂ ਵਿੱਚ ਵਿਕਾਸ ਕਾਰਜਾਂ ਨੂੰ ਤੇਜ਼ ਕਰਨ ਲਈ ਸਰਕਾਰ ਵੱਲੋਂ ਲਗਾਤਾਰ ਯਤਨ ਕੀਤੇ ਜਾ ਰਹੇ ਹਨ। ਇਸ ਮੌਕੇ ਵੱਡੀ ਗਿਣਤੀ ਵਿੱਚ ਪਤਵੰਤੇ ਸੱਜਣ ਅਤੇ ਪਿੰਡ ਵਾਸੀ ਹਾਜ਼ਰ ਸਨ। ਅਧਿਕਾਰੀਆਂ ਨੇ ਦੱਸਿਆ ਕਿ ਸਾਰੇ ਕੰਮ ਸਮੇਂ ਸਿਰ ਮੁਕੰਮਲ ਕੀਤੇ ਜਾਣਗੇ ਅਤੇ ਲੋਕਾਂ ਦੀਆਂ ਸਮੱਸਿਆਵਾਂ ਦਾ ਹੱਲ ਪਹਿਲ ਦੇ ਆਧਾਰ ਤੇ ਕੀਤਾ
ਕੈਂਸਰ ਜਾਂਚ ਕੈਂਪ ਵਿੱਚ ਮਰੀਜ਼ਾਂ ਦੀ ਜਾਂਚ
ਜ਼ਿਲ੍ਹੇ ਦੇ ਪਿੰਡਾਂ ਵਿੱਚ ਵਿਕਾਸ ਕਾਰਜਾਂ ਨੂੰ ਤੇਜ਼ ਕਰਨ ਲਈ ਸਰਕਾਰ ਵੱਲੋਂ ਲਗਾਤਾਰ ਯਤਨ ਕੀਤੇ ਜਾ ਰਹੇ ਹਨ। ਇਸ ਮੌਕੇ ਵੱਡੀ ਗਿਣਤੀ ਵਿੱਚ ਪਤਵੰਤੇ ਸੱਜਣ ਅਤੇ ਪਿੰਡ ਵਾਸੀ ਹਾਜ਼ਰ ਸਨ। ਅਧਿਕਾਰੀਆਂ ਨੇ ਦੱਸਿਆ ਕਿ ਸਾਰੇ ਕੰਮ ਸਮੇਂ ਸਿਰ ਮੁਕੰਮਲ ਕੀਤੇ ਜਾਣਗੇ ਅਤੇ ਲੋਕਾਂ ਦੀਆਂ ਸਮੱਸਿਆਵਾਂ ਦਾ ਹੱਲ ਪਹਿਲ ਦੇ ਆਧਾਰ ਤੇ ਕੀਤਾ ਜਾਵੇਗਾ। ਉਨ੍ਹਾਂ ਕਿਹਾ ਕਿ ਹਰ ਨਾਗਰਿਕ ਦਾ ਫਰਜ਼ ਹੈ ਕਿ ਉਹ ਸਮਾਜ ਦੀ ਭਲਾਈ ਲਈ ਅੱਗੇ ਆਵੇ।
ਅਧਿਆਪਕਾਂ ਦਾ ਸਨਮਾਨ ਸਮਾਰੋਹ
ਜ਼ਿਲ੍ਹੇ ਦੇ ਪਿੰਡਾਂ ਵਿੱਚ ਵਿਕਾਸ ਕਾਰਜਾਂ ਨੂੰ ਤੇਜ਼ ਕਰਨ ਲਈ ਸਰਕਾਰ ਵੱਲੋਂ ਲਗਾਤਾਰ ਯਤਨ ਕੀਤੇ ਜਾ ਰਹੇ ਹਨ। ਇਸ ਮੌਕੇ ਵੱਡੀ ਗਿਣਤੀ ਵਿੱਚ ਪਤਵੰਤੇ ਸੱਜਣ ਅਤੇ ਪਿੰਡ ਵਾਸੀ ਹਾਜ਼ਰ ਸਨ। ਅਧਿਕਾਰੀਆਂ ਨੇ ਦੱਸਿਆ ਕਿ ਸਾਰੇ ਕੰਮ ਸਮੇਂ ਸਿਰ ਮੁਕੰਮਲ ਕੀਤੇ ਜਾਣਗੇ ਅਤੇ ਲੋਕਾਂ ਦੀਆਂ ਸਮੱਸਿਆਵਾਂ ਦਾ ਹੱਲ ਪਹਿਲ ਦੇ ਆਧਾਰ ਤੇ ਕੀਤਾ ਜਾਵੇਗਾ। ਉਨ੍ਹਾਂ ਕਿਹਾ ਕਿ ਹਰ ਨਾਗਰਿਕ ਦਾ ਫਰਜ਼ ਹੈ ਕਿ ਉਹ ਸਮਾਜ ਦੀ ਭਲਾਈ ਲਈ ਅੱਗੇ ਆਵੇ।
ਜ਼ਿਲ੍ਹੇ ਦੇ ਪਿੰਡਾਂ ਵਿੱਚ ਵਿਕਾਸ ਕਾਰਜਾਂ ਨੂੰ ਤੇਜ਼ ਕਰਨ ਲਈ ਸਰਕਾਰ ਵੱਲੋਂ ਲਗਾਤਾਰ ਯਤਨ ਕੀਤੇ ਜਾ ਰਹੇ ਹਨ। ਇਸ ਮੌਕੇ ਵੱਡੀ ਗਿਣਤੀ ਵਿੱਚ ਪਤਵੰਤੇ ਸੱਜਣ ਅਤੇ ਪਿੰਡ ਵਾਸੀ ਹਾਜ਼ਰ ਸਨ। ਅਧਿਕਾਰੀਆਂ ਨੇ ਦੱਸਿਆ ਕਿ ਸਾਰੇ ਕੰਮ ਸਮੇਂ ਸਿਰ ਮੁਕੰਮਲ ਕੀਤੇ ਜਾਣਗੇ ਅਤੇ ਲੋਕਾਂ ਦੀਆਂ ਸਮੱਸਿਆਵਾਂ ਦਾ ਹੱਲ ਪਹਿਲ ਦੇ ਆਧਾਰ ਤੇ ਕੀਤਾ ਜਾਵੇਗਾ। ਉਨ੍ਹਾਂ ਕਿਹਾ ਕਿ ਹਰ ਨਾਗਰਿਕ ਦਾ ਫਰਜ਼ ਹੈ ਕਿ ਉਹ ਸਮਾਜ ਦੀ ਭਲਾਈ ਲਈ ਅੱਗੇ ਆਵੇ।
